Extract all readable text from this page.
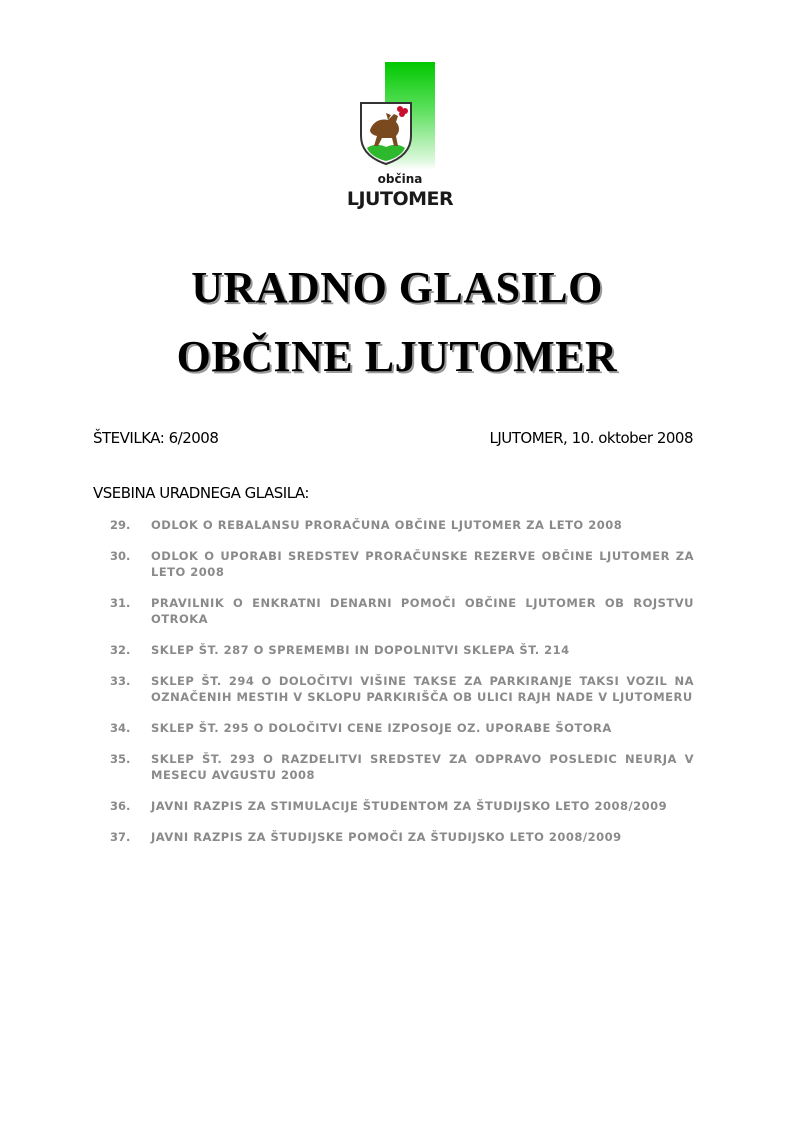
občina
LJUTOMER
URADNO GLASILO
OBČINE LJUTOMER
ŠTEVILKA: 6/2008	LJUTOMER, 10. oktober 2008
VSEBINA URADNEGA GLASILA:
29.	ODLOK O REBALANSU PRORAČUNA OBČINE LJUTOMER ZA LETO 2008
30.	ODLOK O UPORABI SREDSTEV PRORAČUNSKE REZERVE OBČINE LJUTOMER ZA LETO 2008
31.	PRAVILNIK O ENKRATNI DENARNI POMOČI OBČINE LJUTOMER OB ROJSTVU OTROKA
32.	SKLEP ŠT. 287 O SPREMEMBI IN DOPOLNITVI SKLEPA ŠT. 214
33.	SKLEP ŠT. 294 O DOLOČITVI VIŠINE TAKSE ZA PARKIRANJE TAKSI VOZIL NA OZNAČENIH MESTIH V SKLOPU PARKIRIŠČA OB ULICI RAJH NADE V LJUTOMERU
34.	SKLEP ŠT. 295 O DOLOČITVI CENE IZPOSOJE OZ. UPORABE ŠOTORA
35.	SKLEP ŠT. 293 O RAZDELITVI SREDSTEV ZA ODPRAVO POSLEDIC NEURJA V MESECU AVGUSTU 2008
36.	JAVNI RAZPIS ZA STIMULACIJE ŠTUDENTOM ZA ŠTUDIJSKO LETO 2008/2009
37.	JAVNI RAZPIS ZA ŠTUDIJSKE POMOČI ZA ŠTUDIJSKO LETO 2008/2009
